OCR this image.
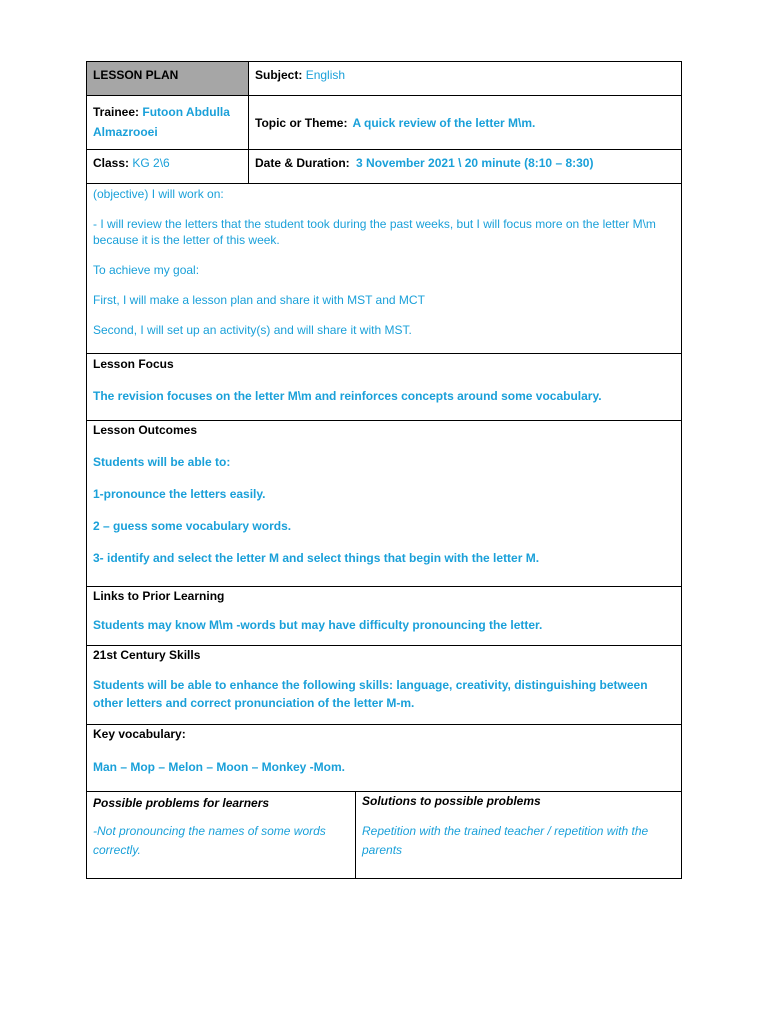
LESSON PLAN	Subject: English
Trainee: Futoon Abdulla Almazrooei
Topic or Theme: A quick review of the letter M\m.
Class: KG 2\6	Date & Duration: 3 November 2021 \ 20 minute (8:10 – 8:30)

(objective) I will work on:

- I will review the letters that the student took during the past weeks, but I will focus more on the letter M\m because it is the letter of this week.

To achieve my goal:

First, I will make a lesson plan and share it with MST and MCT

Second, I will set up an activity(s) and will share it with MST.

Lesson Focus

The revision focuses on the letter M\m and reinforces concepts around some vocabulary.

Lesson Outcomes

Students will be able to:

1-pronounce the letters easily.

2 – guess some vocabulary words.

3- identify and select the letter M and select things that begin with the letter M.

Links to Prior Learning

Students may know M\m -words but may have difficulty pronouncing the letter.

21st Century Skills

Students will be able to enhance the following skills: language, creativity, distinguishing between other letters and correct pronunciation of the letter M-m.

Key vocabulary:

Man – Mop – Melon – Moon – Monkey -Mom.

Possible problems for learners

-Not pronouncing the names of some words correctly.

Solutions to possible problems

Repetition with the trained teacher / repetition with the parents
